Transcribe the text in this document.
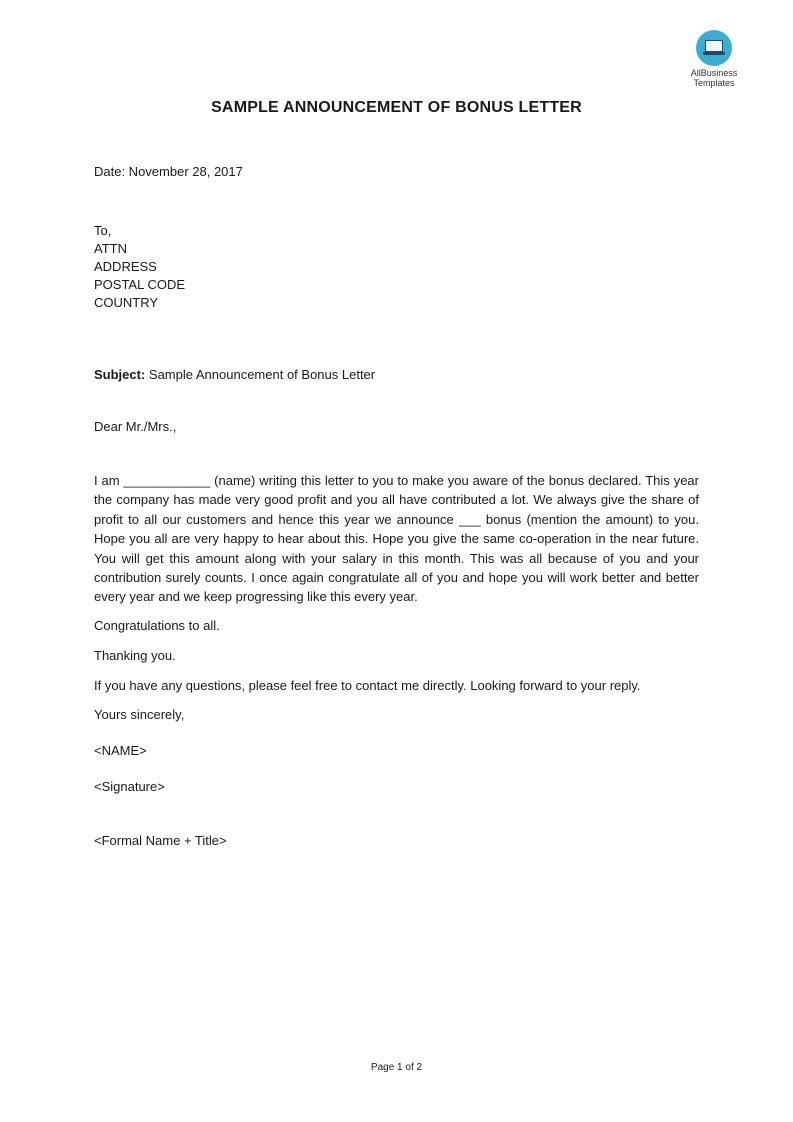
AllBusiness
Templates
SAMPLE ANNOUNCEMENT OF BONUS LETTER
Date: November 28, 2017
To,
ATTN
ADDRESS
POSTAL CODE
COUNTRY
Subject: Sample Announcement of Bonus Letter
Dear Mr./Mrs.,
I am ____________ (name) writing this letter to you to make you aware of the bonus declared. This year the company has made very good profit and you all have contributed a lot. We always give the share of profit to all our customers and hence this year we announce ___ bonus (mention the amount) to you. Hope you all are very happy to hear about this. Hope you give the same co-operation in the near future. You will get this amount along with your salary in this month. This was all because of you and your contribution surely counts. I once again congratulate all of you and hope you will work better and better every year and we keep progressing like this every year.
Congratulations to all.
Thanking you.
If you have any questions, please feel free to contact me directly. Looking forward to your reply.
Yours sincerely,
<NAME>
<Signature>
<Formal Name + Title>
Page 1 of 2
